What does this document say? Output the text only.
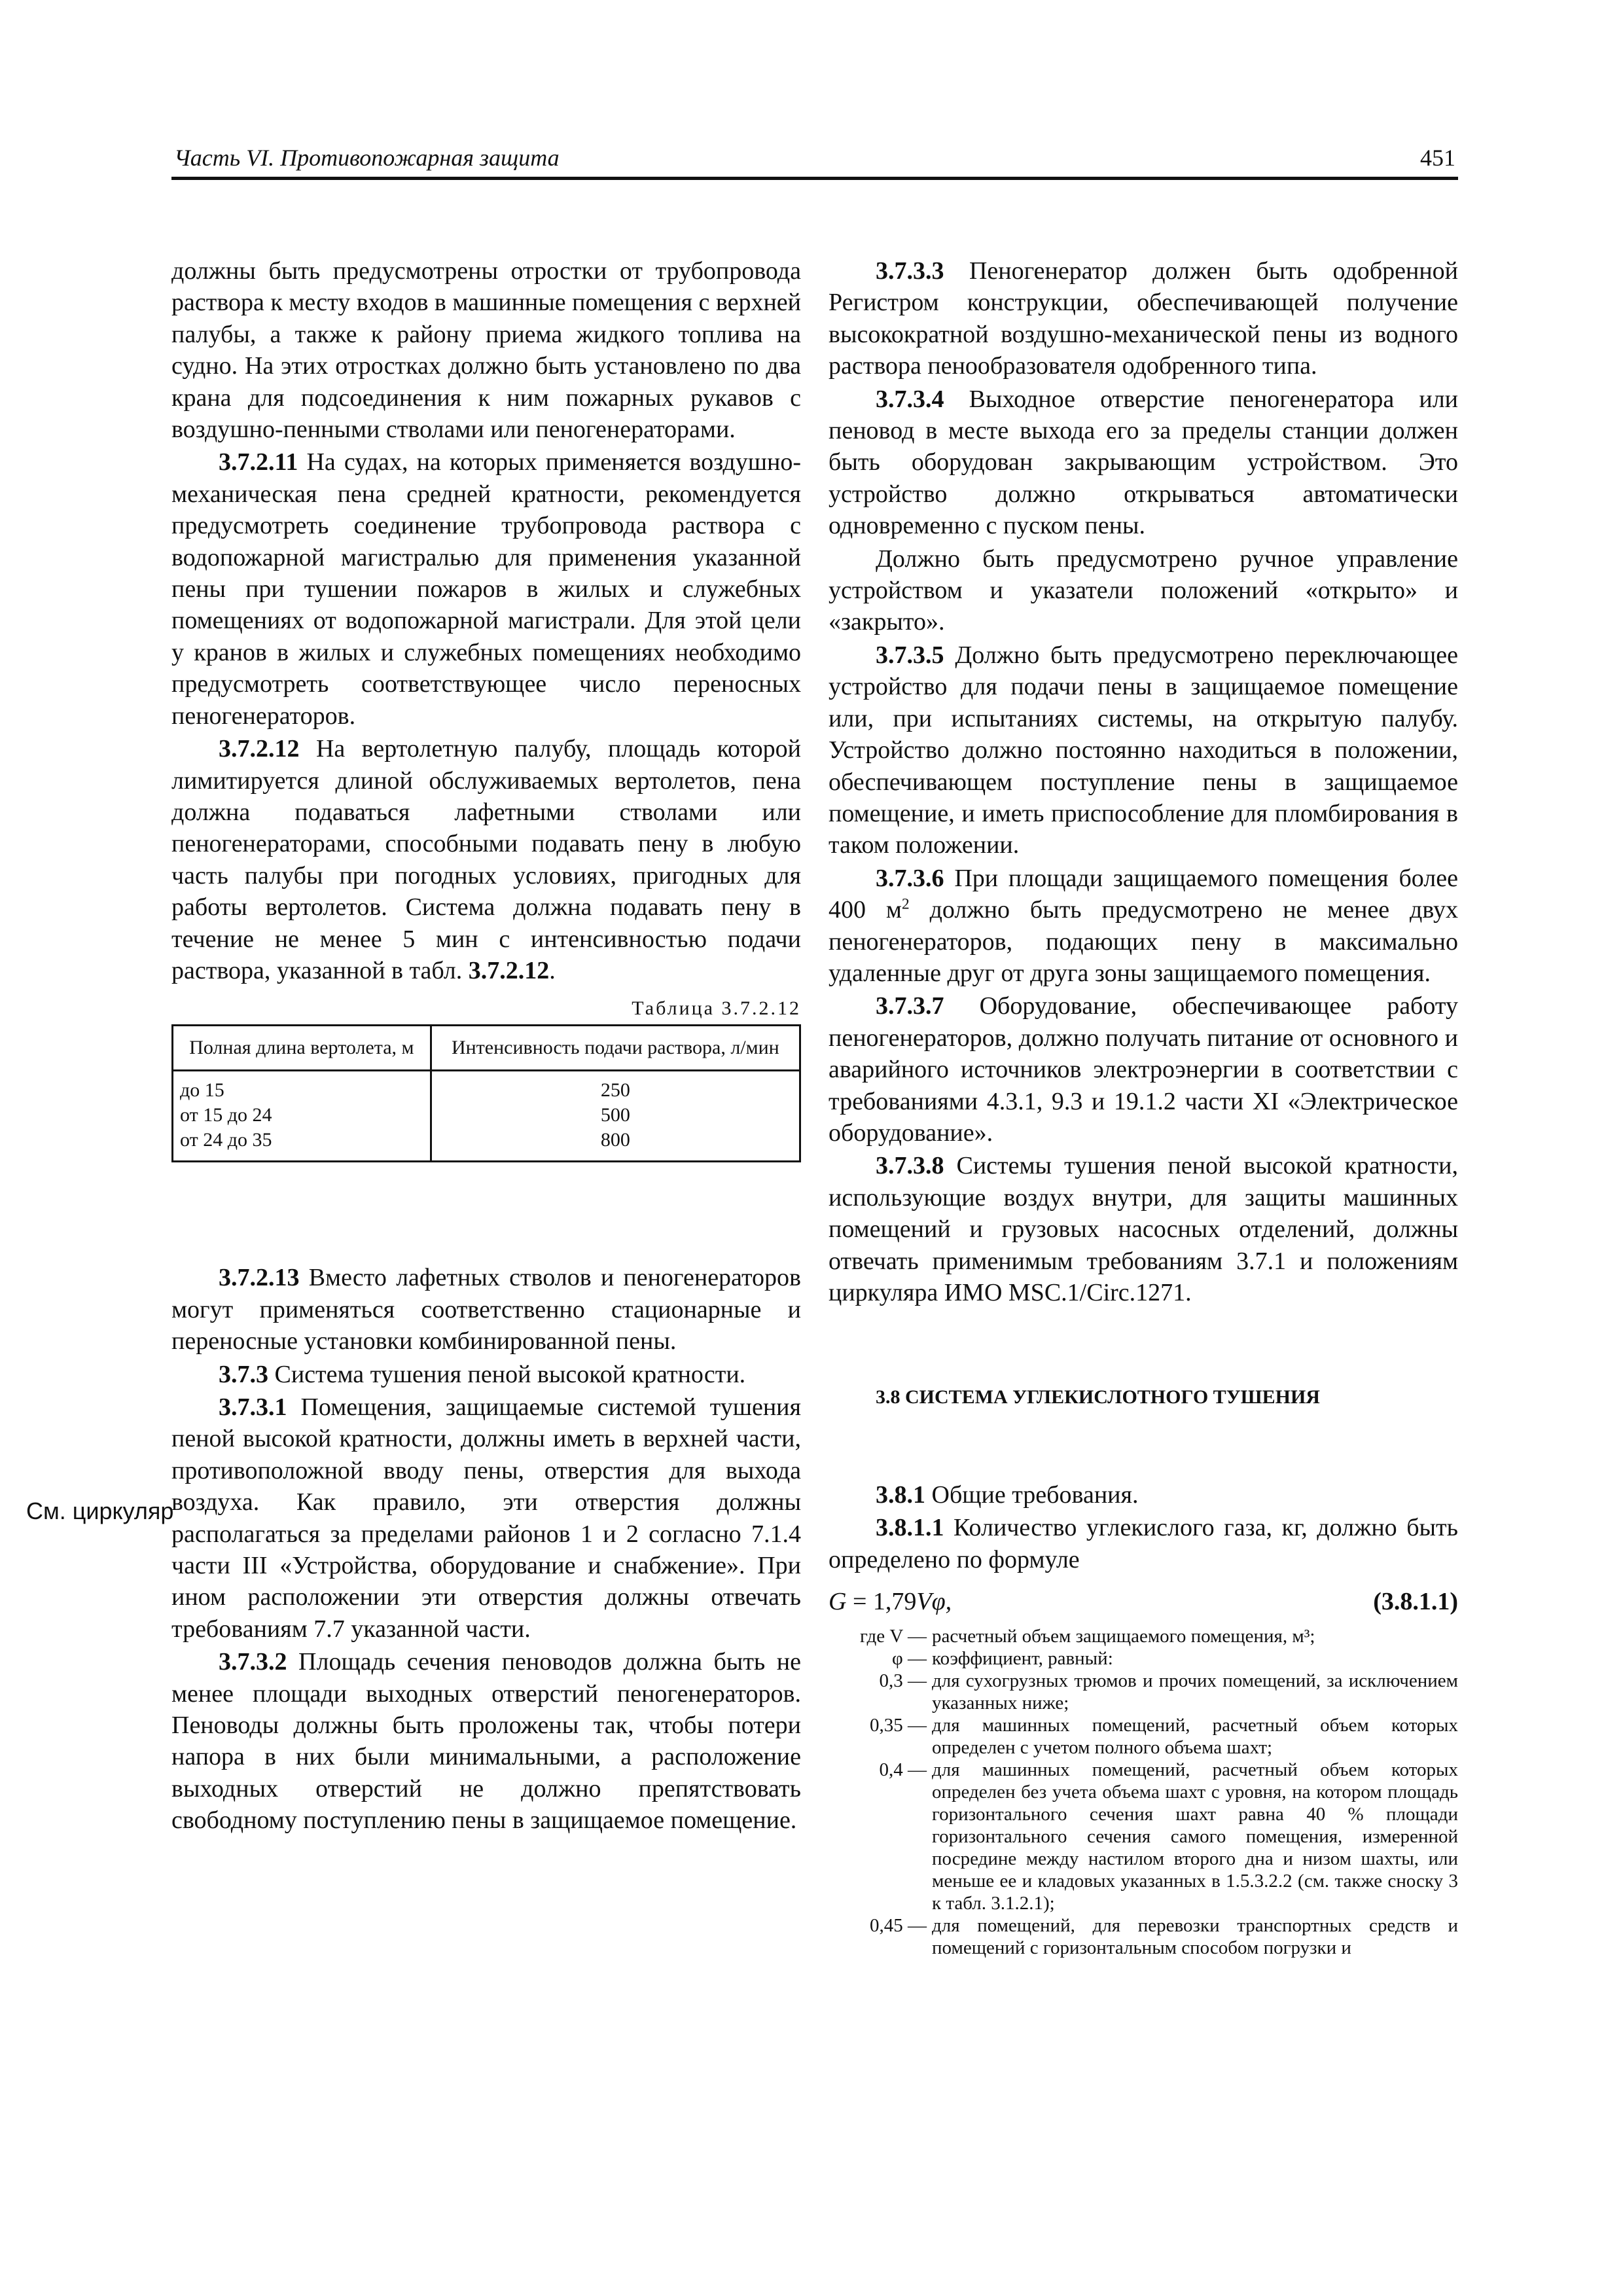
Часть VI. Противопожарная защита	451
См. циркуляр

должны быть предусмотрены отростки от трубопровода раствора к месту входов в машинные помещения с верхней палубы, а также к району приема жидкого топлива на судно. На этих отростках должно быть установлено по два крана для подсоединения к ним пожарных рукавов с воздушно-пенными стволами или пеногенераторами.

3.7.2.11 На судах, на которых применяется воздушно-механическая пена средней кратности, рекомендуется предусмотреть соединение трубопровода раствора с водопожарной магистралью для применения указанной пены при тушении пожаров в жилых и служебных помещениях от водопожарной магистрали. Для этой цели у кранов в жилых и служебных помещениях необходимо предусмотреть соответствующее число переносных пеногенераторов.

3.7.2.12 На вертолетную палубу, площадь которой лимитируется длиной обслуживаемых вертолетов, пена должна подаваться лафетными стволами или пеногенераторами, способными подавать пену в любую часть палубы при погодных условиях, пригодных для работы вертолетов. Система должна подавать пену в течение не менее 5 мин с интенсивностью подачи раствора, указанной в табл. 3.7.2.12.

Таблица 3.7.2.12
Полная длина вертолета, м	Интенсивность подачи раствора, л/мин
до 15	250
от 15 до 24	500
от 24 до 35	800

3.7.2.13 Вместо лафетных стволов и пеногенераторов могут применяться соответственно стационарные и переносные установки комбинированной пены.

3.7.3 Система тушения пеной высокой кратности.

3.7.3.1 Помещения, защищаемые системой тушения пеной высокой кратности, должны иметь в верхней части, противоположной вводу пены, отверстия для выхода воздуха. Как правило, эти отверстия должны располагаться за пределами районов 1 и 2 согласно 7.1.4 части III «Устройства, оборудование и снабжение». При ином расположении эти отверстия должны отвечать требованиям 7.7 указанной части.

3.7.3.2 Площадь сечения пеноводов должна быть не менее площади выходных отверстий пеногенераторов. Пеноводы должны быть проложены так, чтобы потери напора в них были минимальными, а расположение выходных отверстий не должно препятствовать свободному поступлению пены в защищаемое помещение.

3.7.3.3 Пеногенератор должен быть одобренной Регистром конструкции, обеспечивающей получение высокократной воздушно-механической пены из водного раствора пенообразователя одобренного типа.

3.7.3.4 Выходное отверстие пеногенератора или пеновод в месте выхода его за пределы станции должен быть оборудован закрывающим устройством. Это устройство должно открываться автоматически одновременно с пуском пены.

Должно быть предусмотрено ручное управление устройством и указатели положений «открыто» и «закрыто».

3.7.3.5 Должно быть предусмотрено переключающее устройство для подачи пены в защищаемое помещение или, при испытаниях системы, на открытую палубу. Устройство должно постоянно находиться в положении, обеспечивающем поступление пены в защищаемое помещение, и иметь приспособление для пломбирования в таком положении.

3.7.3.6 При площади защищаемого помещения более 400 $м^2$ должно быть предусмотрено не менее двух пеногенераторов, подающих пену в максимально удаленные друг от друга зоны защищаемого помещения.

3.7.3.7 Оборудование, обеспечивающее работу пеногенераторов, должно получать питание от основного и аварийного источников электроэнергии в соответствии с требованиями 4.3.1, 9.3 и 19.1.2 части XI «Электрическое оборудование».

3.7.3.8 Системы тушения пеной высокой кратности, использующие воздух внутри, для защиты машинных помещений и грузовых насосных отделений, должны отвечать применимым требованиям 3.7.1 и положениям циркуляра ИМО MSC.1/Circ.1271.

3.8 СИСТЕМА УГЛЕКИСЛОТНОГО ТУШЕНИЯ

3.8.1 Общие требования.

3.8.1.1 Количество углекислого газа, кг, должно быть определено по формуле

G = 1,79Vφ,	(3.8.1.1)
где V — расчетный объем защищаемого помещения, м³;
φ — коэффициент, равный:
0,3 — для сухогрузных трюмов и прочих помещений, за исключением указанных ниже;
0,35 — для машинных помещений, расчетный объем которых определен с учетом полного объема шахт;
0,4 — для машинных помещений, расчетный объем которых определен без учета объема шахт с уровня, на котором площадь горизонтального сечения шахт равна 40 % площади горизонтального сечения самого помещения, измеренной посредине между настилом второго дна и низом шахты, или меньше ее и кладовых указанных в 1.5.3.2.2 (см. также сноску 3 к табл. 3.1.2.1);
0,45 — для помещений, для перевозки транспортных средств и помещений с горизонтальным способом погрузки и
